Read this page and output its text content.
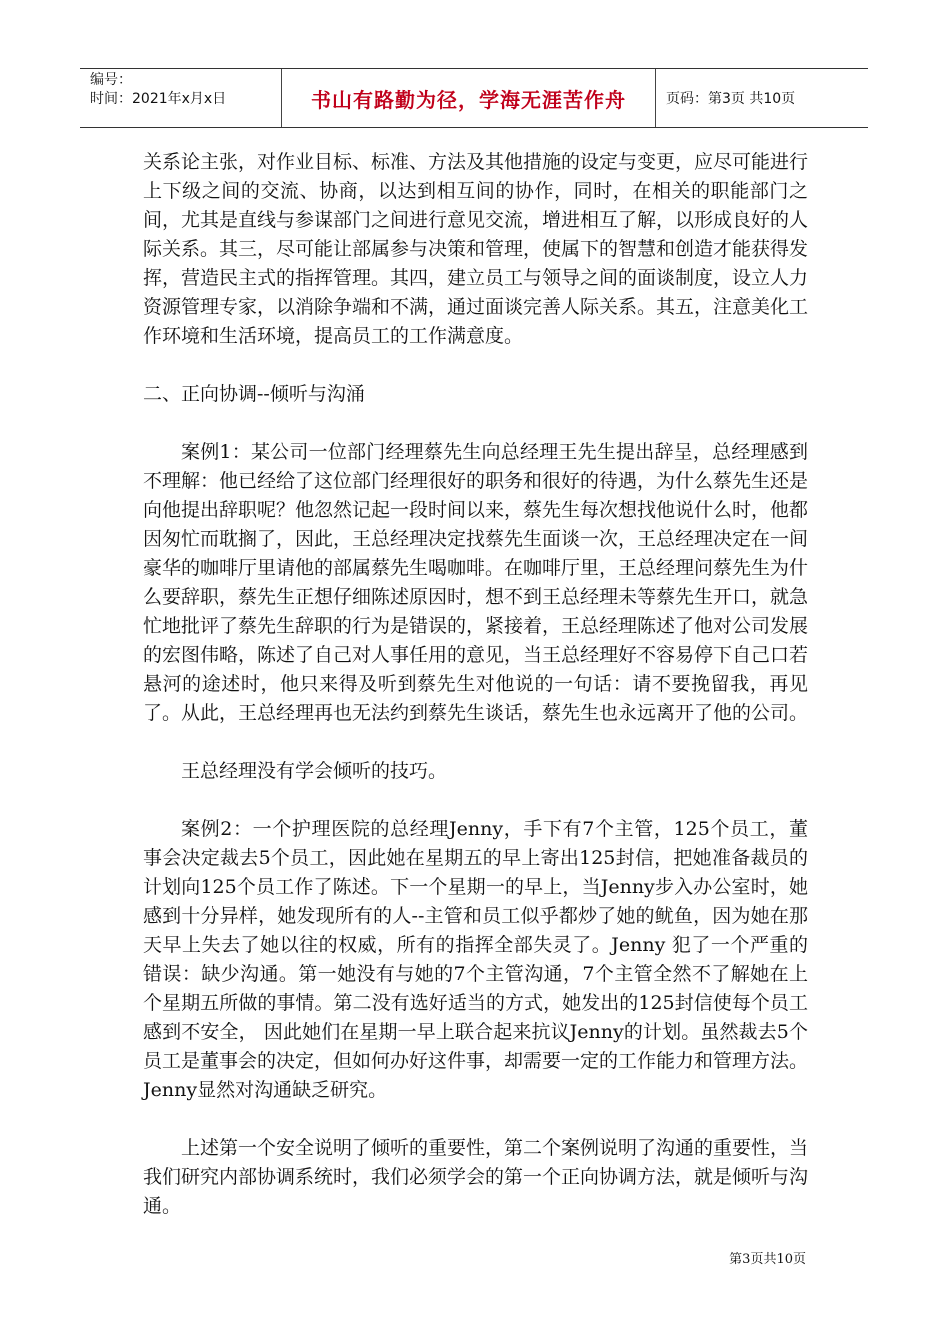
编号：
时间：2021年x月x日	书山有路勤为径，学海无涯苦作舟	页码：第3页 共10页

关系论主张，对作业目标、标准、方法及其他措施的设定与变更，应尽可能进行上下级之间的交流、协商，以达到相互间的协作，同时，在相关的职能部门之间，尤其是直线与参谋部门之间进行意见交流，增进相互了解，以形成良好的人际关系。其三，尽可能让部属参与决策和管理，使属下的智慧和创造才能获得发挥，营造民主式的指挥管理。其四，建立员工与领导之间的面谈制度，设立人力资源管理专家，以消除争端和不满，通过面谈完善人际关系。其五，注意美化工作环境和生活环境，提高员工的工作满意度。

二、正向协调--倾听与沟涌

案例1：某公司一位部门经理蔡先生向总经理王先生提出辞呈，总经理感到不理解：他已经给了这位部门经理很好的职务和很好的待遇，为什么蔡先生还是向他提出辞职呢？他忽然记起一段时间以来，蔡先生每次想找他说什么时，他都因匆忙而耽搁了，因此，王总经理决定找蔡先生面谈一次，王总经理决定在一间豪华的咖啡厅里请他的部属蔡先生喝咖啡。在咖啡厅里，王总经理问蔡先生为什么要辞职，蔡先生正想仔细陈述原因时，想不到王总经理未等蔡先生开口，就急忙地批评了蔡先生辞职的行为是错误的，紧接着，王总经理陈述了他对公司发展的宏图伟略，陈述了自己对人事任用的意见，当王总经理好不容易停下自己口若悬河的途述时，他只来得及听到蔡先生对他说的一句话：请不要挽留我，再见了。从此，王总经理再也无法约到蔡先生谈话，蔡先生也永远离开了他的公司。

王总经理没有学会倾听的技巧。

案例2：一个护理医院的总经理Jenny，手下有7个主管，125个员工，董事会决定裁去5个员工，因此她在星期五的早上寄出125封信，把她准备裁员的计划向125个员工作了陈述。下一个星期一的早上，当Jenny步入办公室时，她感到十分异样，她发现所有的人--主管和员工似乎都炒了她的鱿鱼，因为她在那天早上失去了她以往的权威，所有的指挥全部失灵了。Jenny 犯了一个严重的错误：缺少沟通。第一她没有与她的7个主管沟通，7个主管全然不了解她在上个星期五所做的事情。第二没有选好适当的方式，她发出的125封信使每个员工感到不安全， 因此她们在星期一早上联合起来抗议Jenny的计划。虽然裁去5个员工是董事会的决定，但如何办好这件事，却需要一定的工作能力和管理方法。Jenny显然对沟通缺乏研究。

上述第一个安全说明了倾听的重要性，第二个案例说明了沟通的重要性，当我们研究内部协调系统时，我们必须学会的第一个正向协调方法，就是倾听与沟通。

第3页共10页
